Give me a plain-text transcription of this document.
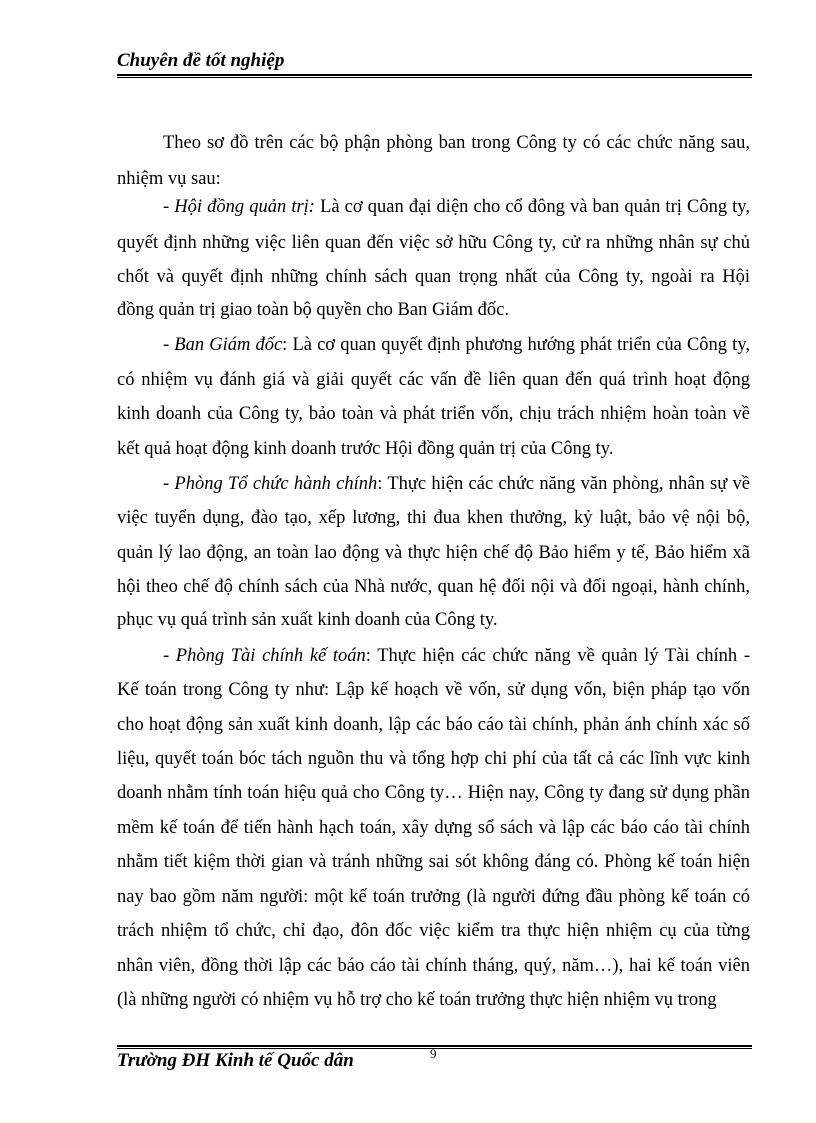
Chuyên đề tốt nghiệp
Theo sơ đồ trên các bộ phận phòng ban trong Công ty có các chức năng sau,
nhiệm vụ sau:
- Hội đồng quản trị: Là cơ quan đại diện cho cổ đông và ban quản trị Công ty,
quyết định những việc liên quan đến việc sở hữu Công ty, cử ra những nhân sự chủ
chốt và quyết định những chính sách quan trọng nhất của Công ty, ngoài ra Hội
đồng quản trị giao toàn bộ quyền cho Ban Giám đốc.
- Ban Giám đốc: Là cơ quan quyết định phương hướng phát triển của Công ty,
có nhiệm vụ đánh giá và giải quyết các vấn đề liên quan đến quá trình hoạt động
kinh doanh của Công ty, bảo toàn và phát triển vốn, chịu trách nhiệm hoàn toàn về
kết quả hoạt động kinh doanh trước Hội đồng quản trị của Công ty.
- Phòng Tổ chức hành chính: Thực hiện các chức năng văn phòng, nhân sự về
việc tuyển dụng, đào tạo, xếp lương, thi đua khen thưởng, kỷ luật, bảo vệ nội bộ,
quản lý lao động, an toàn lao động và thực hiện chế độ Bảo hiểm y tế, Bảo hiểm xã
hội theo chế độ chính sách của Nhà nước, quan hệ đối nội và đối ngoại, hành chính,
phục vụ quá trình sản xuất kinh doanh của Công ty.
- Phòng Tài chính kế toán: Thực hiện các chức năng về quản lý Tài chính -
Kế toán trong Công ty như: Lập kế hoạch về vốn, sử dụng vốn, biện pháp tạo vốn
cho hoạt động sản xuất kinh doanh, lập các báo cáo tài chính, phản ánh chính xác số
liệu, quyết toán bóc tách nguồn thu và tổng hợp chi phí của tất cả các lĩnh vực kinh
doanh nhằm tính toán hiệu quả cho Công ty… Hiện nay, Công ty đang sử dụng phần
mềm kế toán để tiến hành hạch toán, xây dựng sổ sách và lập các báo cáo tài chính
nhằm tiết kiệm thời gian và tránh những sai sót không đáng có. Phòng kế toán hiện
nay bao gồm năm người: một kế toán trưởng (là người đứng đầu phòng kế toán có
trách nhiệm tổ chức, chỉ đạo, đôn đốc việc kiểm tra thực hiện nhiệm cụ của từng
nhân viên, đồng thời lập các báo cáo tài chính tháng, quý, năm…), hai kế toán viên
(là những người có nhiệm vụ hỗ trợ cho kế toán trưởng thực hiện nhiệm vụ trong
Trường ĐH Kinh tế Quốc dân	9
